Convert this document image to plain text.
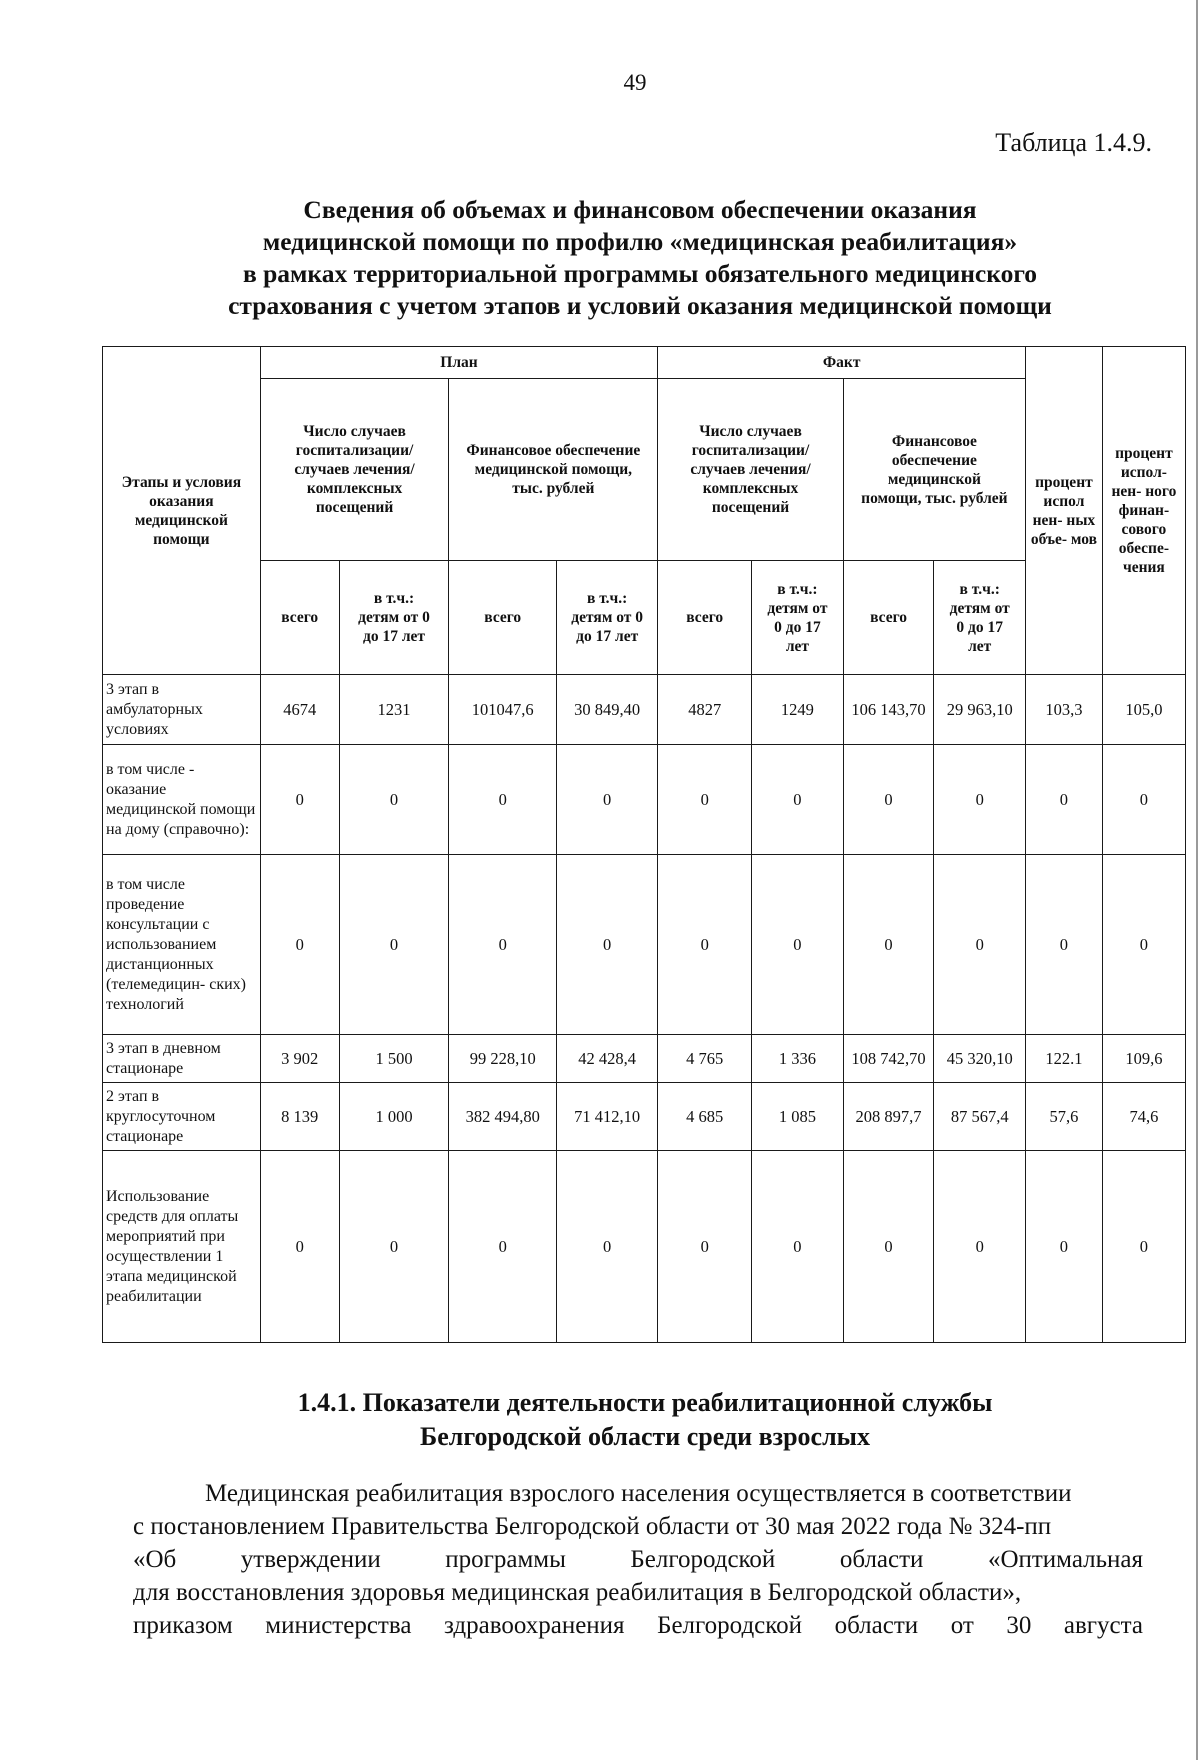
49
Таблица 1.4.9.
Сведения об объемах и финансовом обеспечении оказания
медицинской помощи по профилю «медицинская реабилитация»
в рамках территориальной программы обязательного медицинского
страхования с учетом этапов и условий оказания медицинской помощи
Этапы и условия оказания медицинской помощи	План				Факт				процент испол нен- ных объе- мов	процент испол- нен- ного финан- сового обеспе- чения
	Число случаев госпитализации/ случаев лечения/ комплексных посещений		Финансовое обеспечение медицинской помощи, тыс. рублей		Число случаев госпитализации/ случаев лечения/ комплексных посещений		Финансовое обеспечение медицинской помощи, тыс. рублей			
	всего	в т.ч.: детям от 0 до 17 лет	всего	в т.ч.: детям от 0 до 17 лет	всего	в т.ч.: детям от 0 до 17 лет	всего	в т.ч.: детям от 0 до 17 лет		
3 этап в амбулаторных условиях	4674	1231	101047,6	30 849,40	4827	1249	106 143,70	29 963,10	103,3	105,0
в том числе - оказание медицинской помощи на дому (справочно):	0	0	0	0	0	0	0	0	0	0
в том числе проведение консультации с использованием дистанционных (телемедицин- ских) технологий	0	0	0	0	0	0	0	0	0	0
3 этап в дневном стационаре	3 902	1 500	99 228,10	42 428,4	4 765	1 336	108 742,70	45 320,10	122.1	109,6
2 этап в круглосуточном стационаре	8 139	1 000	382 494,80	71 412,10	4 685	1 085	208 897,7	87 567,4	57,6	74,6
Использование средств для оплаты мероприятий при осуществлении 1 этапа медицинской реабилитации	0	0	0	0	0	0	0	0	0	0
1.4.1. Показатели деятельности реабилитационной службы
Белгородской области среди взрослых
Медицинская реабилитация взрослого населения осуществляется в соответствии
с постановлением Правительства Белгородской области от 30 мая 2022 года № 324-пп
«Об	утверждении	программы	Белгородской	области	«Оптимальная
для восстановления здоровья медицинская реабилитация в Белгородской области»,
приказом министерства здравоохранения Белгородской области от 30 августа
